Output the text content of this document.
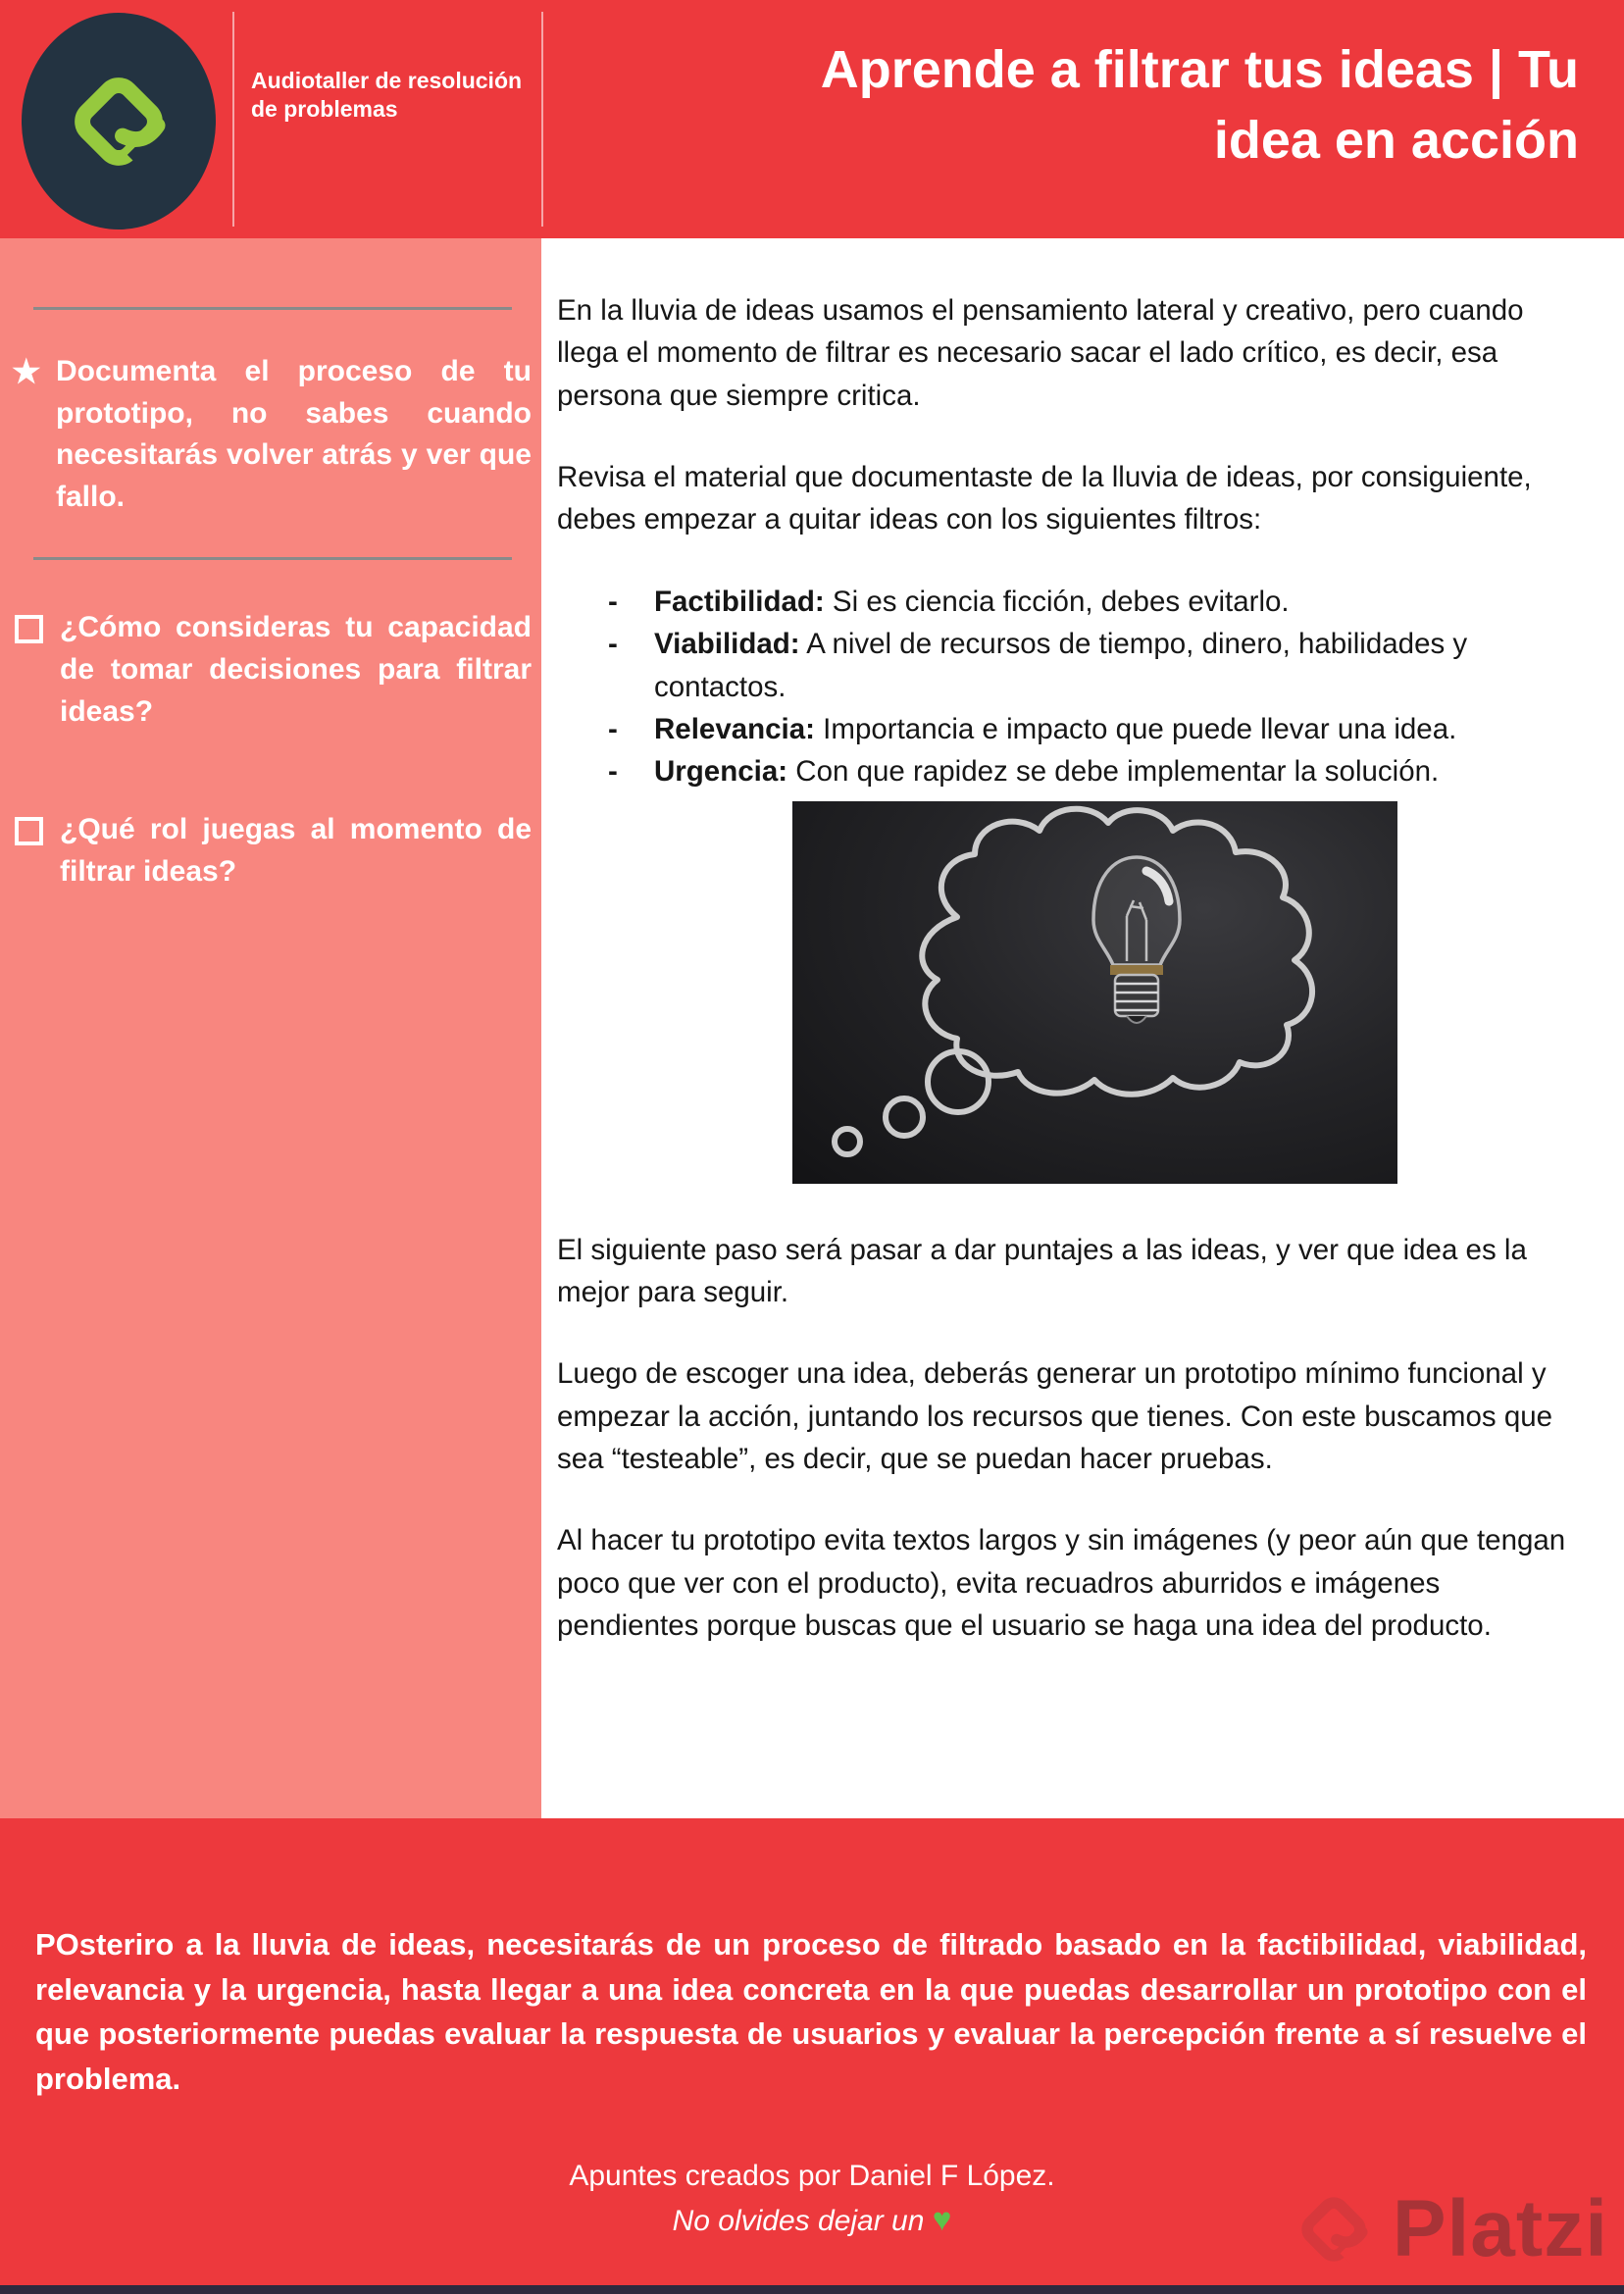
Audiotaller de resolución de problemas
Aprende a filtrar tus ideas | Tu
idea en acción
★ Documenta el proceso de tu prototipo, no sabes cuando necesitarás volver atrás y ver que fallo.
¿Cómo consideras tu capacidad de tomar decisiones para filtrar ideas?
¿Qué rol juegas al momento de filtrar ideas?

En la lluvia de ideas usamos el pensamiento lateral y creativo, pero cuando llega el momento de filtrar es necesario sacar el lado crítico, es decir, esa persona que siempre critica.

Revisa el material que documentaste de la lluvia de ideas, por consiguiente, debes empezar a quitar ideas con los siguientes filtros:

-	Factibilidad: Si es ciencia ficción, debes evitarlo.
-	Viabilidad: A nivel de recursos de tiempo, dinero, habilidades y contactos.
-	Relevancia: Importancia e impacto que puede llevar una idea.
-	Urgencia: Con que rapidez se debe implementar la solución.

El siguiente paso será pasar a dar puntajes a las ideas, y ver que idea es la mejor para seguir.

Luego de escoger una idea, deberás generar un prototipo mínimo funcional y empezar la acción, juntando los recursos que tienes. Con este buscamos que sea “testeable”, es decir, que se puedan hacer pruebas.

Al hacer tu prototipo evita textos largos y sin imágenes (y peor aún que tengan poco que ver con el producto), evita recuadros aburridos e imágenes pendientes porque buscas que el usuario se haga una idea del producto.

POsteriro a la lluvia de ideas, necesitarás de un proceso de filtrado basado en la factibilidad, viabilidad, relevancia y la urgencia, hasta llegar a una idea concreta en la que puedas desarrollar un prototipo con el que posteriormente puedas evaluar la respuesta de usuarios y evaluar la percepción frente a sí resuelve el problema.

Apuntes creados por Daniel F López.
No olvides dejar un ♥	Platzi
